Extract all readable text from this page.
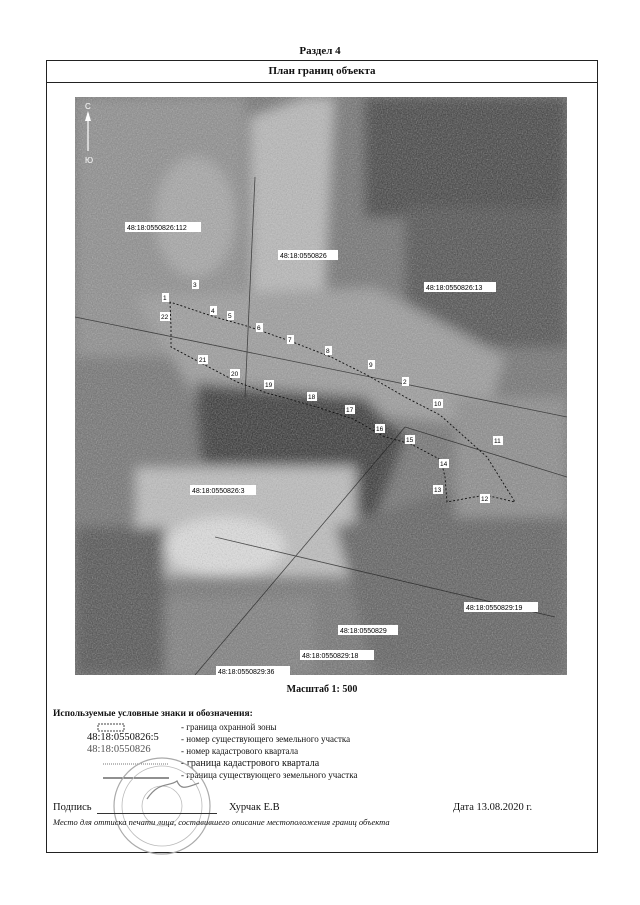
Раздел 4
План границ объекта
48:18:0550826:112
48:18:0550826
48:18:0550826:13
48:18:0550826:3
48:18:0550829
48:18:0550829:19
48:18:0550829:18
48:18:0550829:36
1
3
4
5
6
7
8
9
2
22
21
20
19
18
17
16
15
10
14
11
13
12
С
Ю
Масштаб 1: 500
Используемые условные знаки и обозначения:
- граница охранной зоны
48:18:0550826:5 - номер существующего земельного участка
48:18:0550826	- номер кадастрового квартала
- граница кадастрового квартала
- граница существующего земельного участка
Подпись	Хурчак Е.В	Дата 13.08.2020 г.
Место для оттиска печати лица, составившего описание местоположения границ объекта
